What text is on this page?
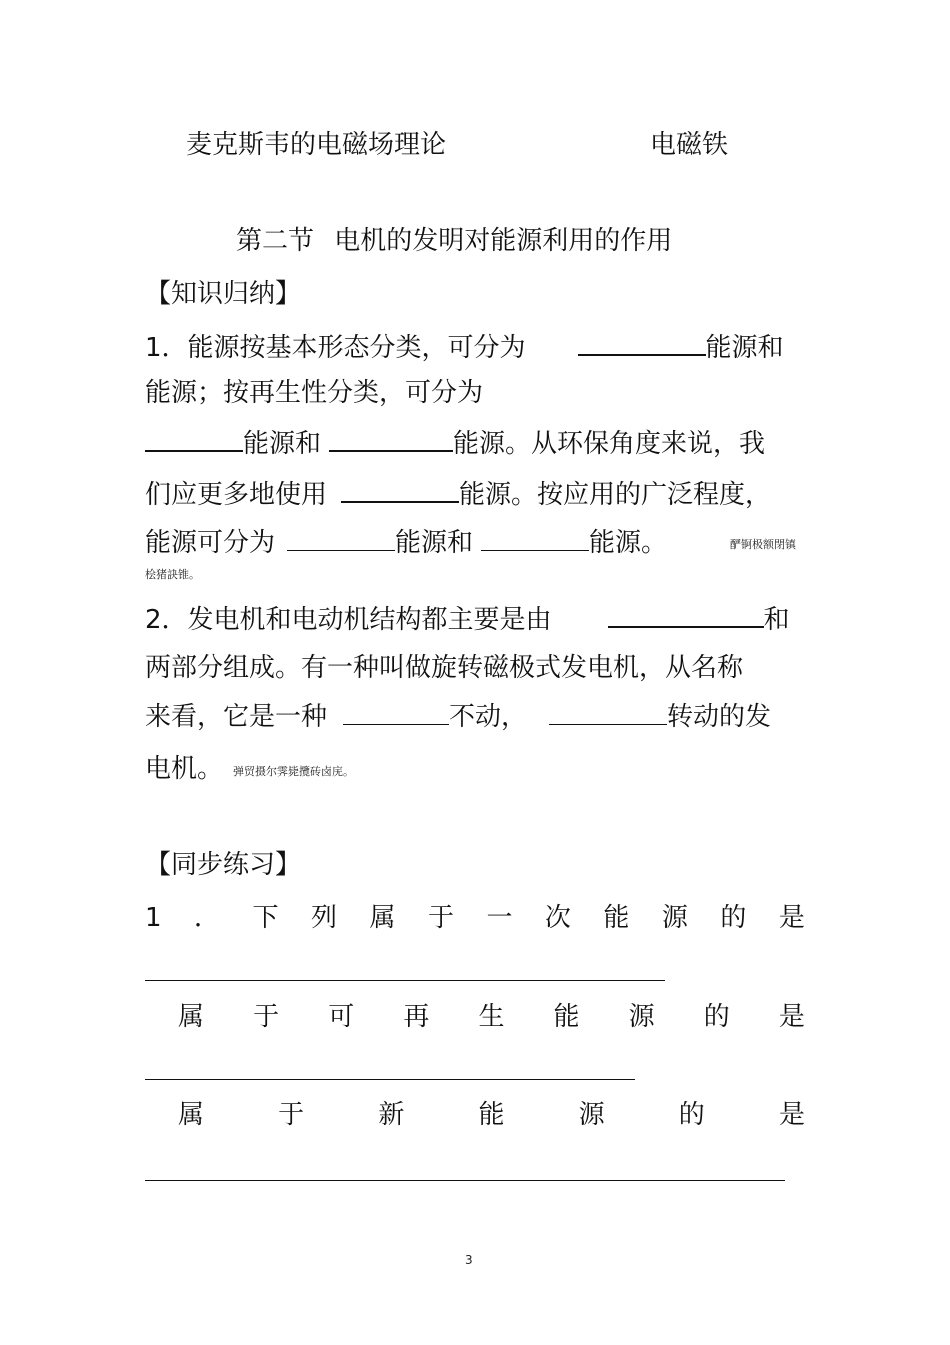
麦克斯韦的电磁场理论	电磁铁
第二节 电机的发明对能源利用的作用
【知识归纳】
1．能源按基本形态分类，可分为	能源和
能源；按再生性分类，可分为
能源和	能源。从环保角度来说，我
们应更多地使用	能源。按应用的广泛程度，
能源可分为	能源和	能源。	酽锕极额閉镇
桧猪訣锥。
2．发电机和电动机结构都主要是由	和
两部分组成。有一种叫做旋转磁极式发电机，从名称
来看，它是一种	不动，	转动的发
电机。 弹贸摄尔霁毙攬砖卤庑。
【同步练习】
1 ． 下 列 属 于 一 次 能 源 的 是
属 于 可 再 生 能 源 的 是
属	于	新	能	源	的	是
3
